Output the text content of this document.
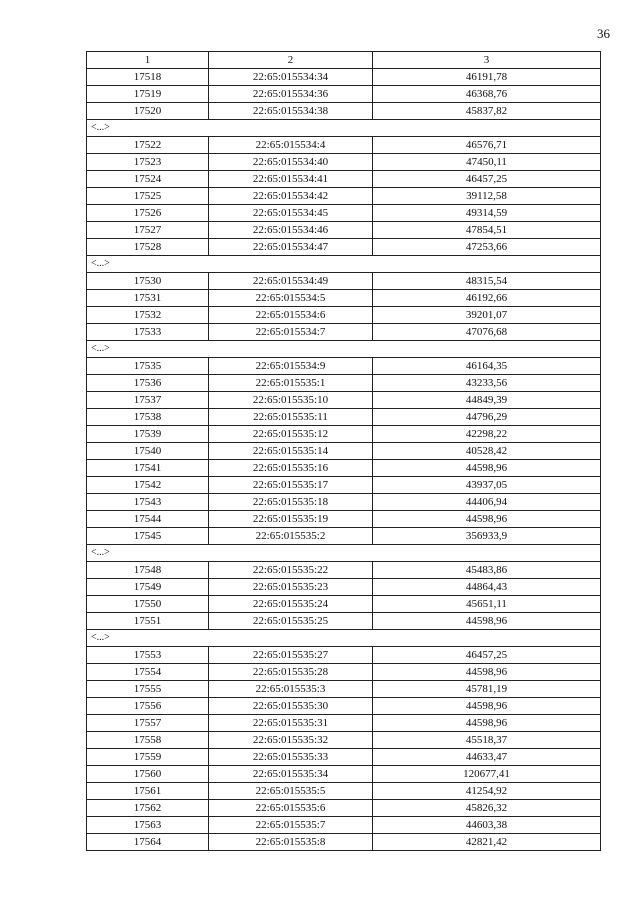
36
1	2	3
17518	22:65:015534:34	46191,78
17519	22:65:015534:36	46368,76
17520	22:65:015534:38	45837,82
<...>		
17522	22:65:015534:4	46576,71
17523	22:65:015534:40	47450,11
17524	22:65:015534:41	46457,25
17525	22:65:015534:42	39112,58
17526	22:65:015534:45	49314,59
17527	22:65:015534:46	47854,51
17528	22:65:015534:47	47253,66
<...>		
17530	22:65:015534:49	48315,54
17531	22:65:015534:5	46192,66
17532	22:65:015534:6	39201,07
17533	22:65:015534:7	47076,68
<...>		
17535	22:65:015534:9	46164,35
17536	22:65:015535:1	43233,56
17537	22:65:015535:10	44849,39
17538	22:65:015535:11	44796,29
17539	22:65:015535:12	42298,22
17540	22:65:015535:14	40528,42
17541	22:65:015535:16	44598,96
17542	22:65:015535:17	43937,05
17543	22:65:015535:18	44406,94
17544	22:65:015535:19	44598,96
17545	22:65:015535:2	356933,9
<...>		
17548	22:65:015535:22	45483,86
17549	22:65:015535:23	44864,43
17550	22:65:015535:24	45651,11
17551	22:65:015535:25	44598,96
<...>		
17553	22:65:015535:27	46457,25
17554	22:65:015535:28	44598,96
17555	22:65:015535:3	45781,19
17556	22:65:015535:30	44598,96
17557	22:65:015535:31	44598,96
17558	22:65:015535:32	45518,37
17559	22:65:015535:33	44633,47
17560	22:65:015535:34	120677,41
17561	22:65:015535:5	41254,92
17562	22:65:015535:6	45826,32
17563	22:65:015535:7	44603,38
17564	22:65:015535:8	42821,42
